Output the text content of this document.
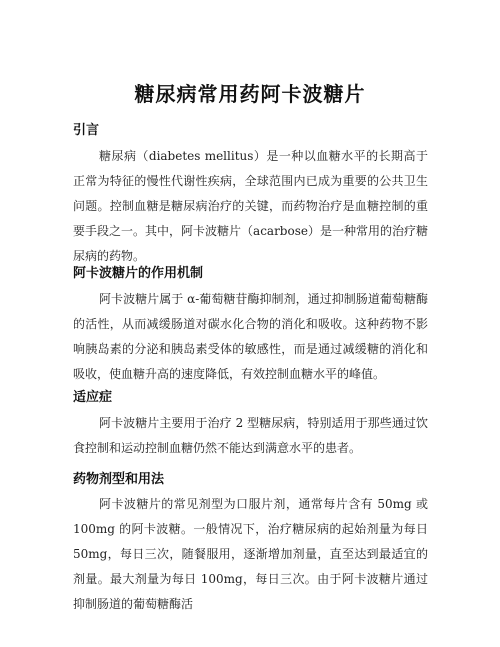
糖尿病常用药阿卡波糖片
引言

糖尿病（diabetes mellitus）是一种以血糖水平的长期高于正常为特征的慢性代谢性疾病，全球范围内已成为重要的公共卫生问题。控制血糖是糖尿病治疗的关键，而药物治疗是血糖控制的重要手段之一。其中，阿卡波糖片（acarbose）是一种常用的治疗糖尿病的药物。

阿卡波糖片的作用机制

阿卡波糖片属于 α-葡萄糖苷酶抑制剂，通过抑制肠道葡萄糖酶的活性，从而减缓肠道对碳水化合物的消化和吸收。这种药物不影响胰岛素的分泌和胰岛素受体的敏感性，而是通过减缓糖的消化和吸收，使血糖升高的速度降低，有效控制血糖水平的峰值。

适应症

阿卡波糖片主要用于治疗 2 型糖尿病，特别适用于那些通过饮食控制和运动控制血糖仍然不能达到满意水平的患者。

药物剂型和用法

阿卡波糖片的常见剂型为口服片剂，通常每片含有 50mg 或 100mg 的阿卡波糖。一般情况下，治疗糖尿病的起始剂量为每日 50mg，每日三次，随餐服用，逐渐增加剂量，直至达到最适宜的剂量。最大剂量为每日 100mg，每日三次。由于阿卡波糖片通过抑制肠道的葡萄糖酶活
